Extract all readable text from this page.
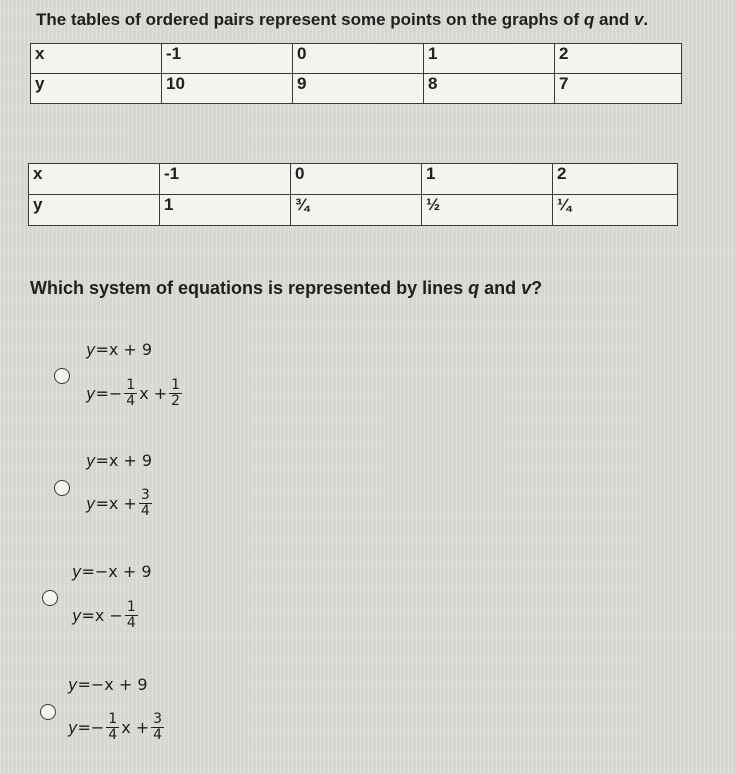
The tables of ordered pairs represent some points on the graphs of q and v.
x	-1	0	1	2
y	10	9	8	7
x	-1	0	1	2
y	1	¾	½	¼
Which system of equations is represented by lines q and v?
y = x + 9
y = − $\frac{1}{4}$ $x + \frac{1}{2}$
y = x + 9
$y = x + \frac{3}{4}$
y = −x + 9
$y = x - \frac{1}{4}$
y = −x + 9
y = − $\frac{1}{4}$ $x + \frac{3}{4}$
